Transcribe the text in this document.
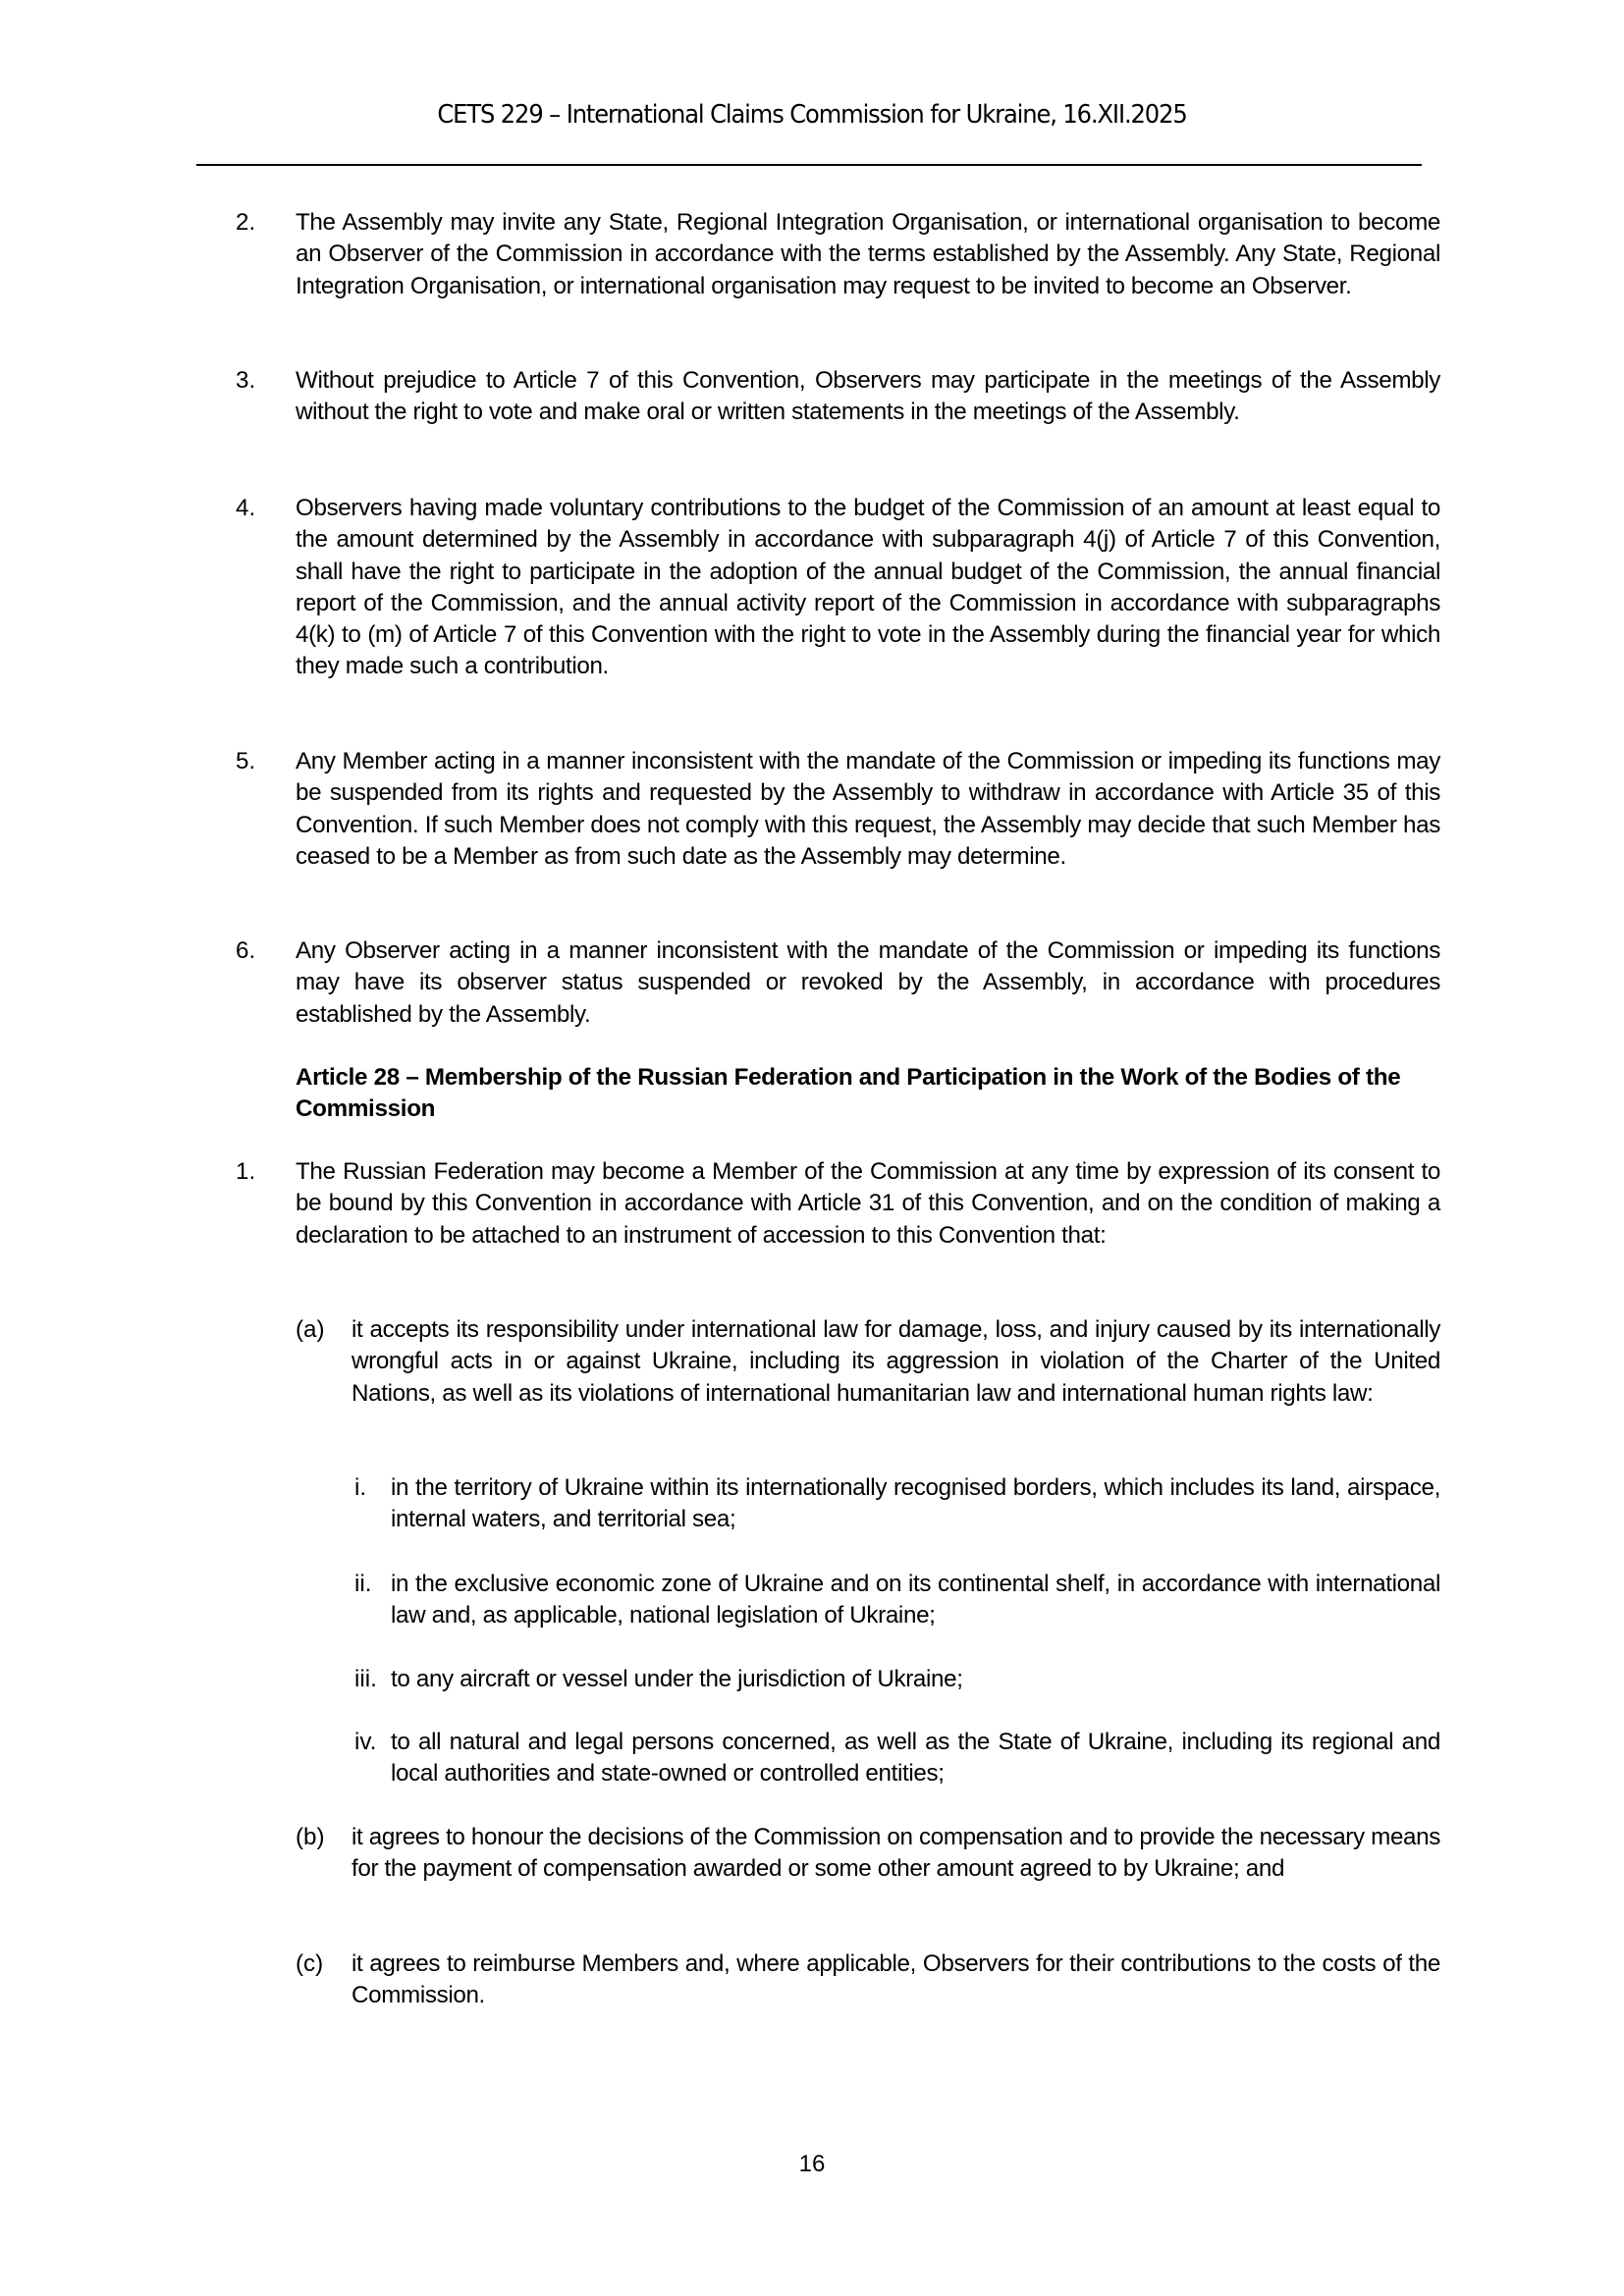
CETS 229 – International Claims Commission for Ukraine, 16.XII.2025
2. The Assembly may invite any State, Regional Integration Organisation, or international organisation to become an Observer of the Commission in accordance with the terms established by the Assembly. Any State, Regional Integration Organisation, or international organisation may request to be invited to become an Observer.
3. Without prejudice to Article 7 of this Convention, Observers may participate in the meetings of the Assembly without the right to vote and make oral or written statements in the meetings of the Assembly.
4. Observers having made voluntary contributions to the budget of the Commission of an amount at least equal to the amount determined by the Assembly in accordance with subparagraph 4(j) of Article 7 of this Convention, shall have the right to participate in the adoption of the annual budget of the Commission, the annual financial report of the Commission, and the annual activity report of the Commission in accordance with subparagraphs 4(k) to (m) of Article 7 of this Convention with the right to vote in the Assembly during the financial year for which they made such a contribution.
5. Any Member acting in a manner inconsistent with the mandate of the Commission or impeding its functions may be suspended from its rights and requested by the Assembly to withdraw in accordance with Article 35 of this Convention. If such Member does not comply with this request, the Assembly may decide that such Member has ceased to be a Member as from such date as the Assembly may determine.
6. Any Observer acting in a manner inconsistent with the mandate of the Commission or impeding its functions may have its observer status suspended or revoked by the Assembly, in accordance with procedures established by the Assembly.
Article 28 – Membership of the Russian Federation and Participation in the Work of the Bodies of the Commission
1. The Russian Federation may become a Member of the Commission at any time by expression of its consent to be bound by this Convention in accordance with Article 31 of this Convention, and on the condition of making a declaration to be attached to an instrument of accession to this Convention that:
(a) it accepts its responsibility under international law for damage, loss, and injury caused by its internationally wrongful acts in or against Ukraine, including its aggression in violation of the Charter of the United Nations, as well as its violations of international humanitarian law and international human rights law:
i. in the territory of Ukraine within its internationally recognised borders, which includes its land, airspace, internal waters, and territorial sea;
ii. in the exclusive economic zone of Ukraine and on its continental shelf, in accordance with international law and, as applicable, national legislation of Ukraine;
iii. to any aircraft or vessel under the jurisdiction of Ukraine;
iv. to all natural and legal persons concerned, as well as the State of Ukraine, including its regional and local authorities and state-owned or controlled entities;
(b) it agrees to honour the decisions of the Commission on compensation and to provide the necessary means for the payment of compensation awarded or some other amount agreed to by Ukraine; and
(c) it agrees to reimburse Members and, where applicable, Observers for their contributions to the costs of the Commission.
16
